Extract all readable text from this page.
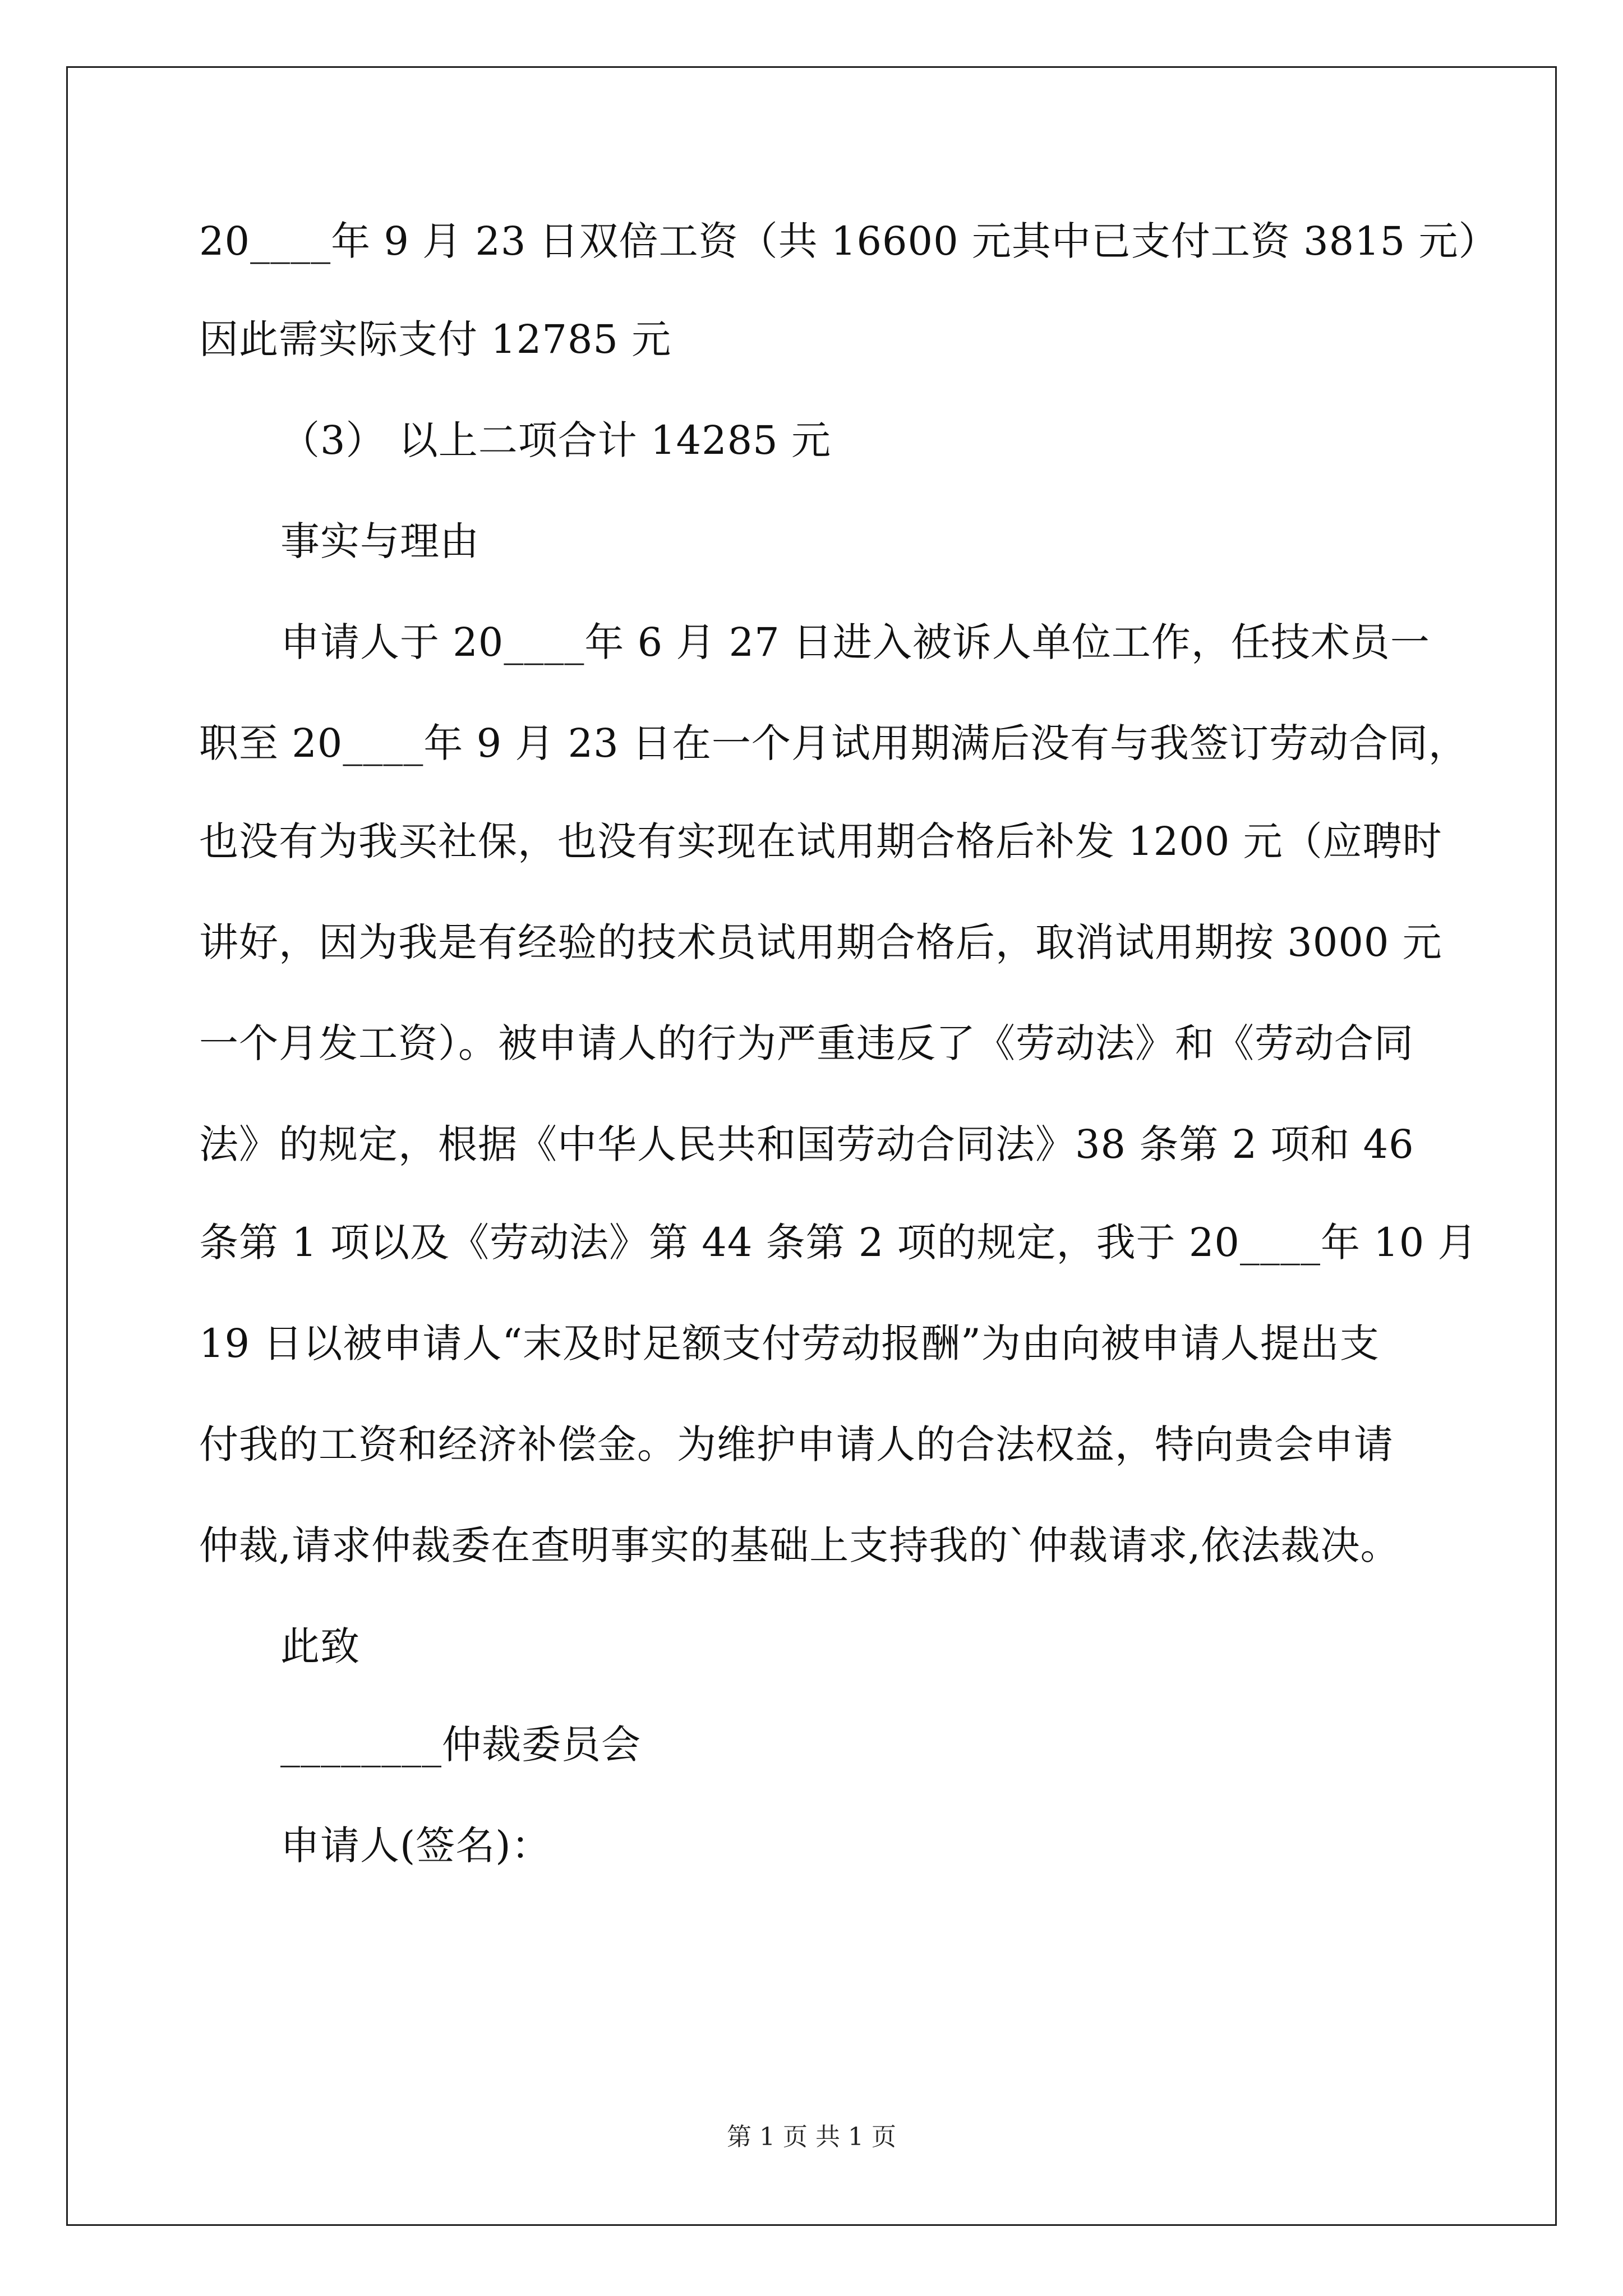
20____年 9 月 23 日双倍工资（共 16600 元其中已支付工资 3815 元）
因此需实际支付 12785 元
（3） 以上二项合计 14285 元
事实与理由
申请人于 20____年 6 月 27 日进入被诉人单位工作，任技术员一
职至 20____年 9 月 23 日在一个月试用期满后没有与我签订劳动合同，
也没有为我买社保，也没有实现在试用期合格后补发 1200 元（应聘时
讲好，因为我是有经验的技术员试用期合格后，取消试用期按 3000 元
一个月发工资）。被申请人的行为严重违反了《劳动法》和《劳动合同
法》的规定，根据《中华人民共和国劳动合同法》38 条第 2 项和 46
条第 1 项以及《劳动法》第 44 条第 2 项的规定，我于 20____年 10 月
19 日以被申请人“末及时足额支付劳动报酬”为由向被申请人提出支
付我的工资和经济补偿金。为维护申请人的合法权益，特向贵会申请
仲裁,请求仲裁委在查明事实的基础上支持我的`仲裁请求,依法裁决。
此致
________仲裁委员会
申请人(签名)：
第 1 页 共 1 页
